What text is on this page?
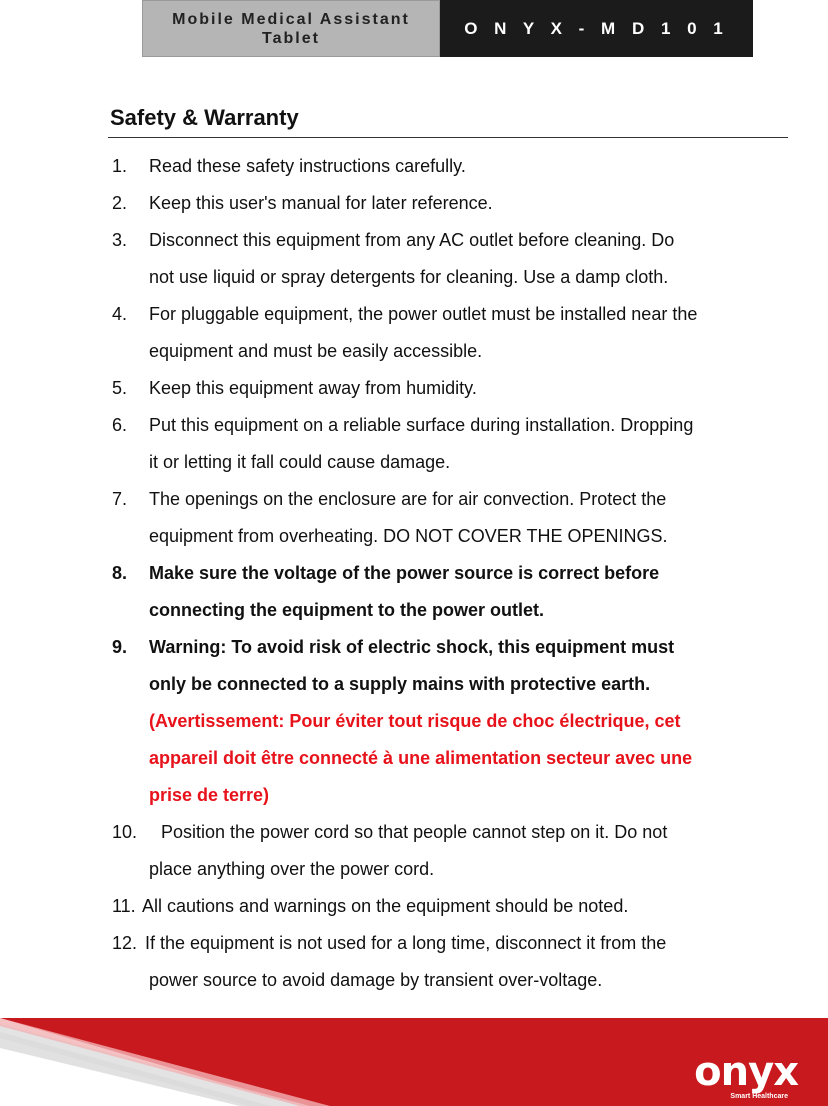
Mobile Medical Assistant Tablet
O N Y X - M D 1 0 1
Safety & Warranty
1. Read these safety instructions carefully.
2. Keep this user's manual for later reference.
3. Disconnect this equipment from any AC outlet before cleaning. Do
not use liquid or spray detergents for cleaning. Use a damp cloth.
4. For pluggable equipment, the power outlet must be installed near the
equipment and must be easily accessible.
5. Keep this equipment away from humidity.
6. Put this equipment on a reliable surface during installation. Dropping
it or letting it fall could cause damage.
7. The openings on the enclosure are for air convection. Protect the
equipment from overheating. DO NOT COVER THE OPENINGS.
8. Make sure the voltage of the power source is correct before
connecting the equipment to the power outlet.
9. Warning: To avoid risk of electric shock, this equipment must
only be connected to a supply mains with protective earth.
(Avertissement: Pour éviter tout risque de choc électrique, cet
appareil doit être connecté à une alimentation secteur avec une
prise de terre)
10. Position the power cord so that people cannot step on it. Do not
place anything over the power cord.
11. All cautions and warnings on the equipment should be noted.
12. If the equipment is not used for a long time, disconnect it from the
power source to avoid damage by transient over-voltage.
onyx
Smart Healthcare
